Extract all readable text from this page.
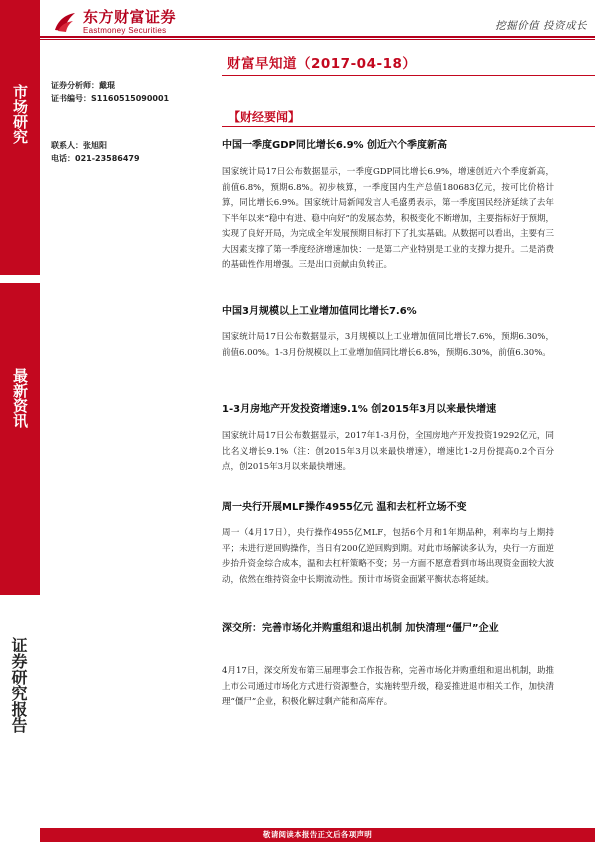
市场研究
最新资讯
证券研究报告
东方财富证券
Eastmoney Securities	挖掘价值 投资成长
证券分析师：戴琨
证书编号：S1160515090001
联系人：张旭阳
电话：021-23586479
财富早知道（2017-04-18）
【财经要闻】
中国一季度GDP同比增长6.9% 创近六个季度新高
国家统计局17日公布数据显示，一季度GDP同比增长6.9%，增速创近六个季度新高，前值6.8%，预期6.8%。初步核算，一季度国内生产总值180683亿元，按可比价格计算，同比增长6.9%。国家统计局新闻发言人毛盛勇表示，第一季度国民经济延续了去年下半年以来“稳中有进、稳中向好”的发展态势，积极变化不断增加，主要指标好于预期，实现了良好开局，为完成全年发展预期目标打下了扎实基础。从数据可以看出，主要有三大因素支撑了第一季度经济增速加快：一是第二产业特别是工业的支撑力提升。二是消费的基础性作用增强。三是出口贡献由负转正。
中国3月规模以上工业增加值同比增长7.6%
国家统计局17日公布数据显示，3月规模以上工业增加值同比增长7.6%，预期6.30%，前值6.00%。1-3月份规模以上工业增加值同比增长6.8%，预期6.30%，前值6.30%。
1-3月房地产开发投资增速9.1% 创2015年3月以来最快增速
国家统计局17日公布数据显示，2017年1-3月份，全国房地产开发投资19292亿元，同比名义增长9.1%（注：创2015年3月以来最快增速），增速比1-2月份提高0.2个百分点，创2015年3月以来最快增速。
周一央行开展MLF操作4955亿元 温和去杠杆立场不变
周一（4月17日），央行操作4955亿MLF，包括6个月和1年期品种，利率均与上期持平；未进行逆回购操作，当日有200亿逆回购到期。对此市场解读多认为，央行一方面逆步抬升资金综合成本，温和去杠杆策略不变；另一方面不愿意看到市场出现资金面较大波动，依然在维持资金中长期流动性。预计市场资金面紧平衡状态将延续。
深交所：完善市场化并购重组和退出机制 加快清理“僵尸”企业
4月17日，深交所发布第三届理事会工作报告称，完善市场化并购重组和退出机制，助推上市公司通过市场化方式进行资源整合，实施转型升级，稳妥推进退市相关工作，加快清理“僵尸”企业，积极化解过剩产能和高库存。
敬请阅读本报告正文后各项声明
